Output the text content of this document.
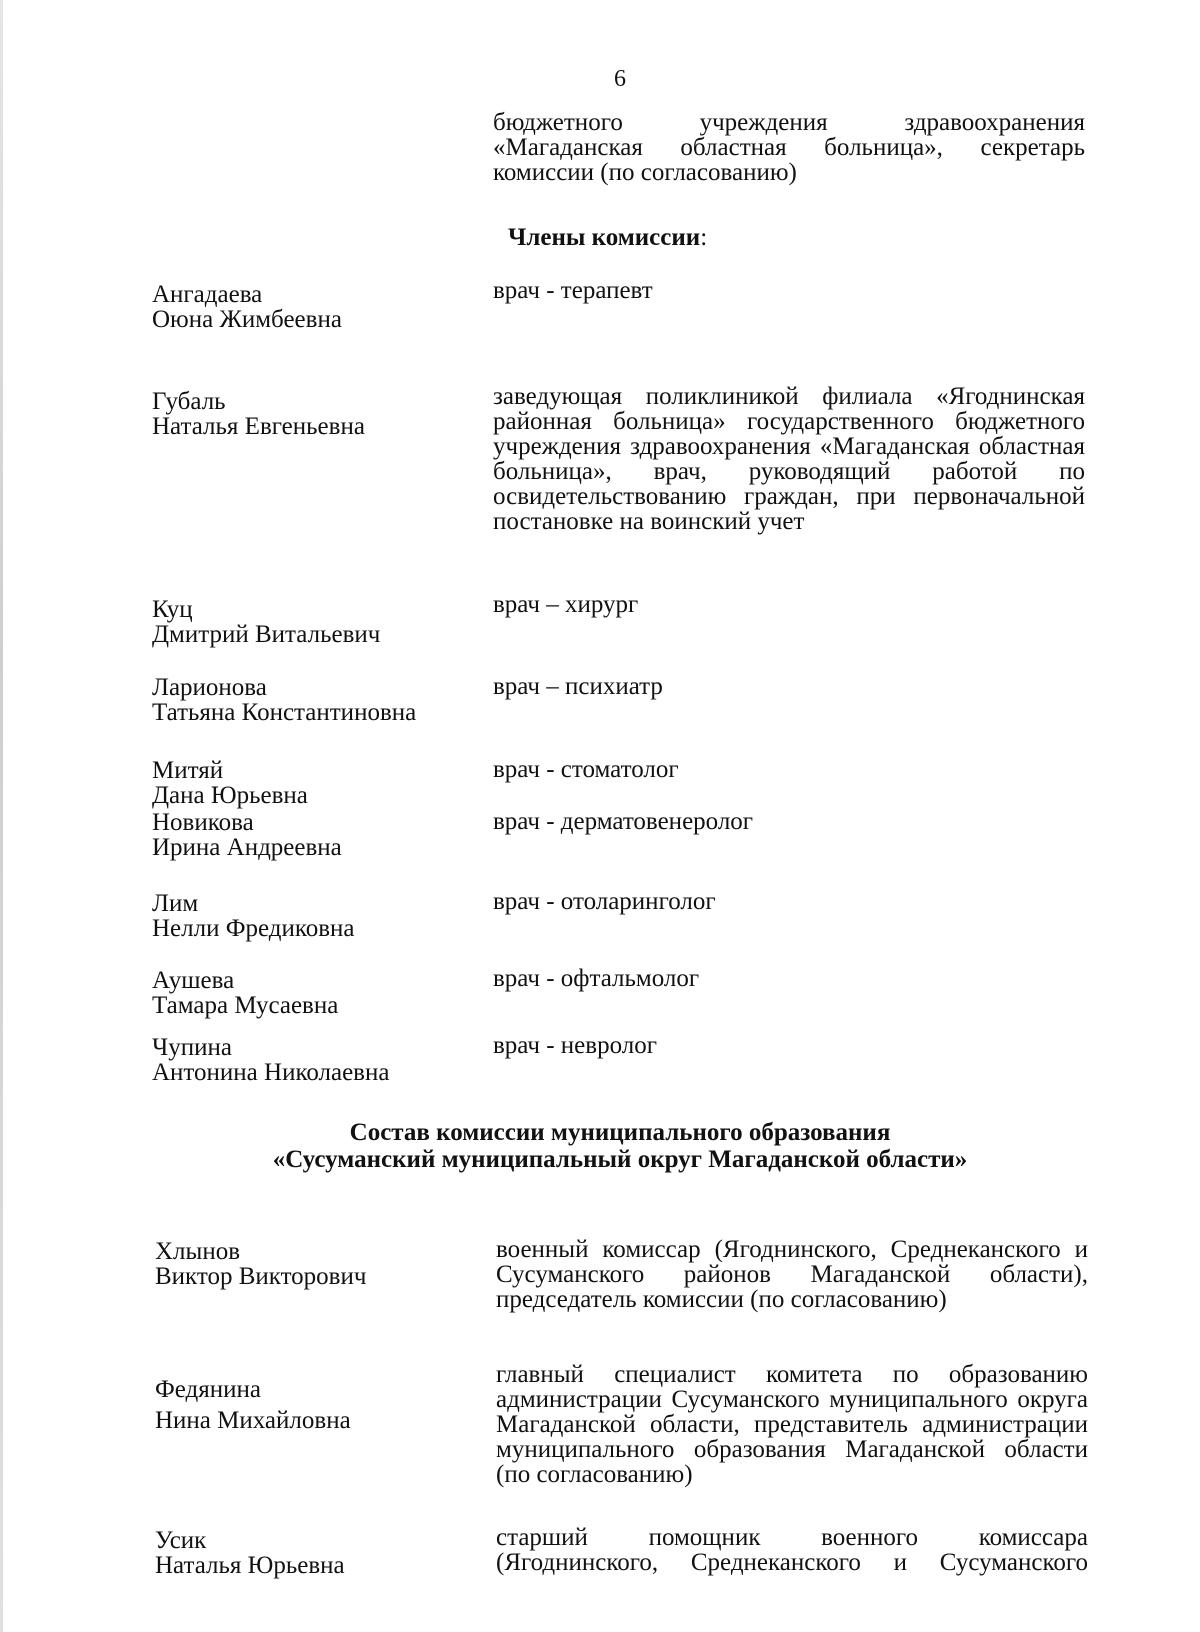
6
бюджетного учреждения здравоохранения «Магаданская областная больница», секретарь комиссии (по согласованию)
Члены комиссии:
Ангадаева
Оюна Жимбеевна
врач - терапевт
Губаль
Наталья Евгеньевна
заведующая поликлиникой филиала «Ягоднинская районная больница» государственного бюджетного учреждения здравоохранения «Магаданская областная больница», врач, руководящий работой по освидетельствованию граждан, при первоначальной постановке на воинский учет
Куц
Дмитрий Витальевич
врач – хирург
Ларионова
Татьяна Константиновна
врач – психиатр
Митяй
Дана Юрьевна
врач - стоматолог
Новикова
Ирина Андреевна
врач - дерматовенеролог
Лим
Нелли Фредиковна
врач - отоларинголог
Аушева
Тамара Мусаевна
врач - офтальмолог
Чупина
Антонина Николаевна
врач - невролог
Состав комиссии муниципального образования
«Сусуманский муниципальный округ Магаданской области»
Хлынов
Виктор Викторович
военный комиссар (Ягоднинского, Среднеканского и Сусуманского районов Магаданской области), председатель комиссии (по согласованию)
Федянина
Нина Михайловна
главный специалист комитета по образованию администрации Сусуманского муниципального округа Магаданской области, представитель администрации муниципального образования Магаданской области (по согласованию)
Усик
Наталья Юрьевна
старший помощник военного комиссара (Ягоднинского, Среднеканского и Сусуманского
